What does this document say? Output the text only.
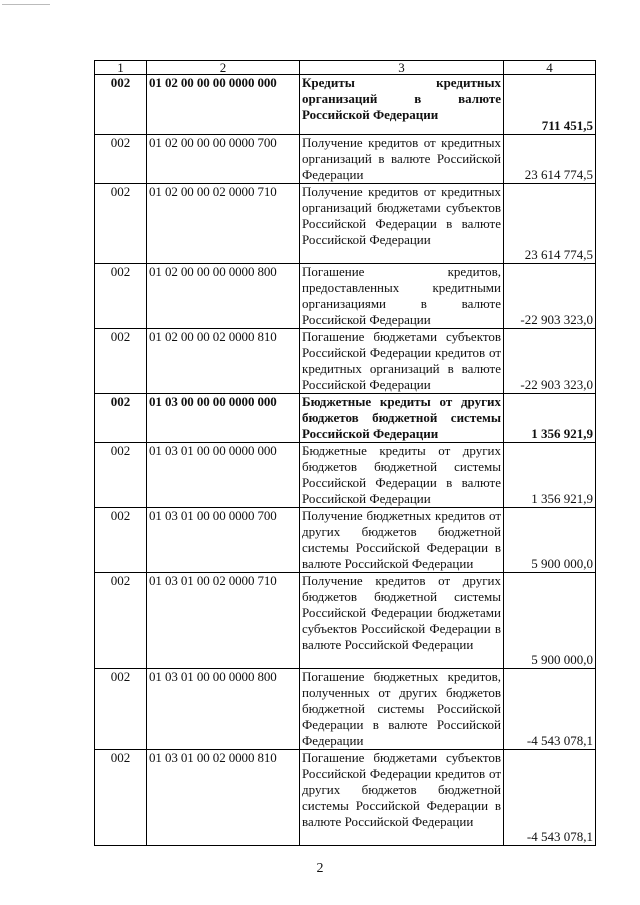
1	2	3	4
002	01 02 00 00 00 0000 000	Кредиты кредитных организаций в валюте Российской Федерации	711 451,5
002	01 02 00 00 00 0000 700	Получение кредитов от кредитных организаций в валюте Российской Федерации	23 614 774,5
002	01 02 00 00 02 0000 710	Получение кредитов от кредитных организаций бюджетами субъектов Российской Федерации в валюте Российской Федерации	23 614 774,5
002	01 02 00 00 00 0000 800	Погашение кредитов, предоставленных кредитными организациями в валюте Российской Федерации	-22 903 323,0
002	01 02 00 00 02 0000 810	Погашение бюджетами субъектов Российской Федерации кредитов от кредитных организаций в валюте Российской Федерации	-22 903 323,0
002	01 03 00 00 00 0000 000	Бюджетные кредиты от других бюджетов бюджетной системы Российской Федерации	1 356 921,9
002	01 03 01 00 00 0000 000	Бюджетные кредиты от других бюджетов бюджетной системы Российской Федерации в валюте Российской Федерации	1 356 921,9
002	01 03 01 00 00 0000 700	Получение бюджетных кредитов от других бюджетов бюджетной системы Российской Федерации в валюте Российской Федерации	5 900 000,0
002	01 03 01 00 02 0000 710	Получение кредитов от других бюджетов бюджетной системы Российской Федерации бюджетами субъектов Российской Федерации в валюте Российской Федерации	5 900 000,0
002	01 03 01 00 00 0000 800	Погашение бюджетных кредитов, полученных от других бюджетов бюджетной системы Российской Федерации в валюте Российской Федерации	-4 543 078,1
002	01 03 01 00 02 0000 810	Погашение бюджетами субъектов Российской Федерации кредитов от других бюджетов бюджетной системы Российской Федерации в валюте Российской Федерации	-4 543 078,1
2
